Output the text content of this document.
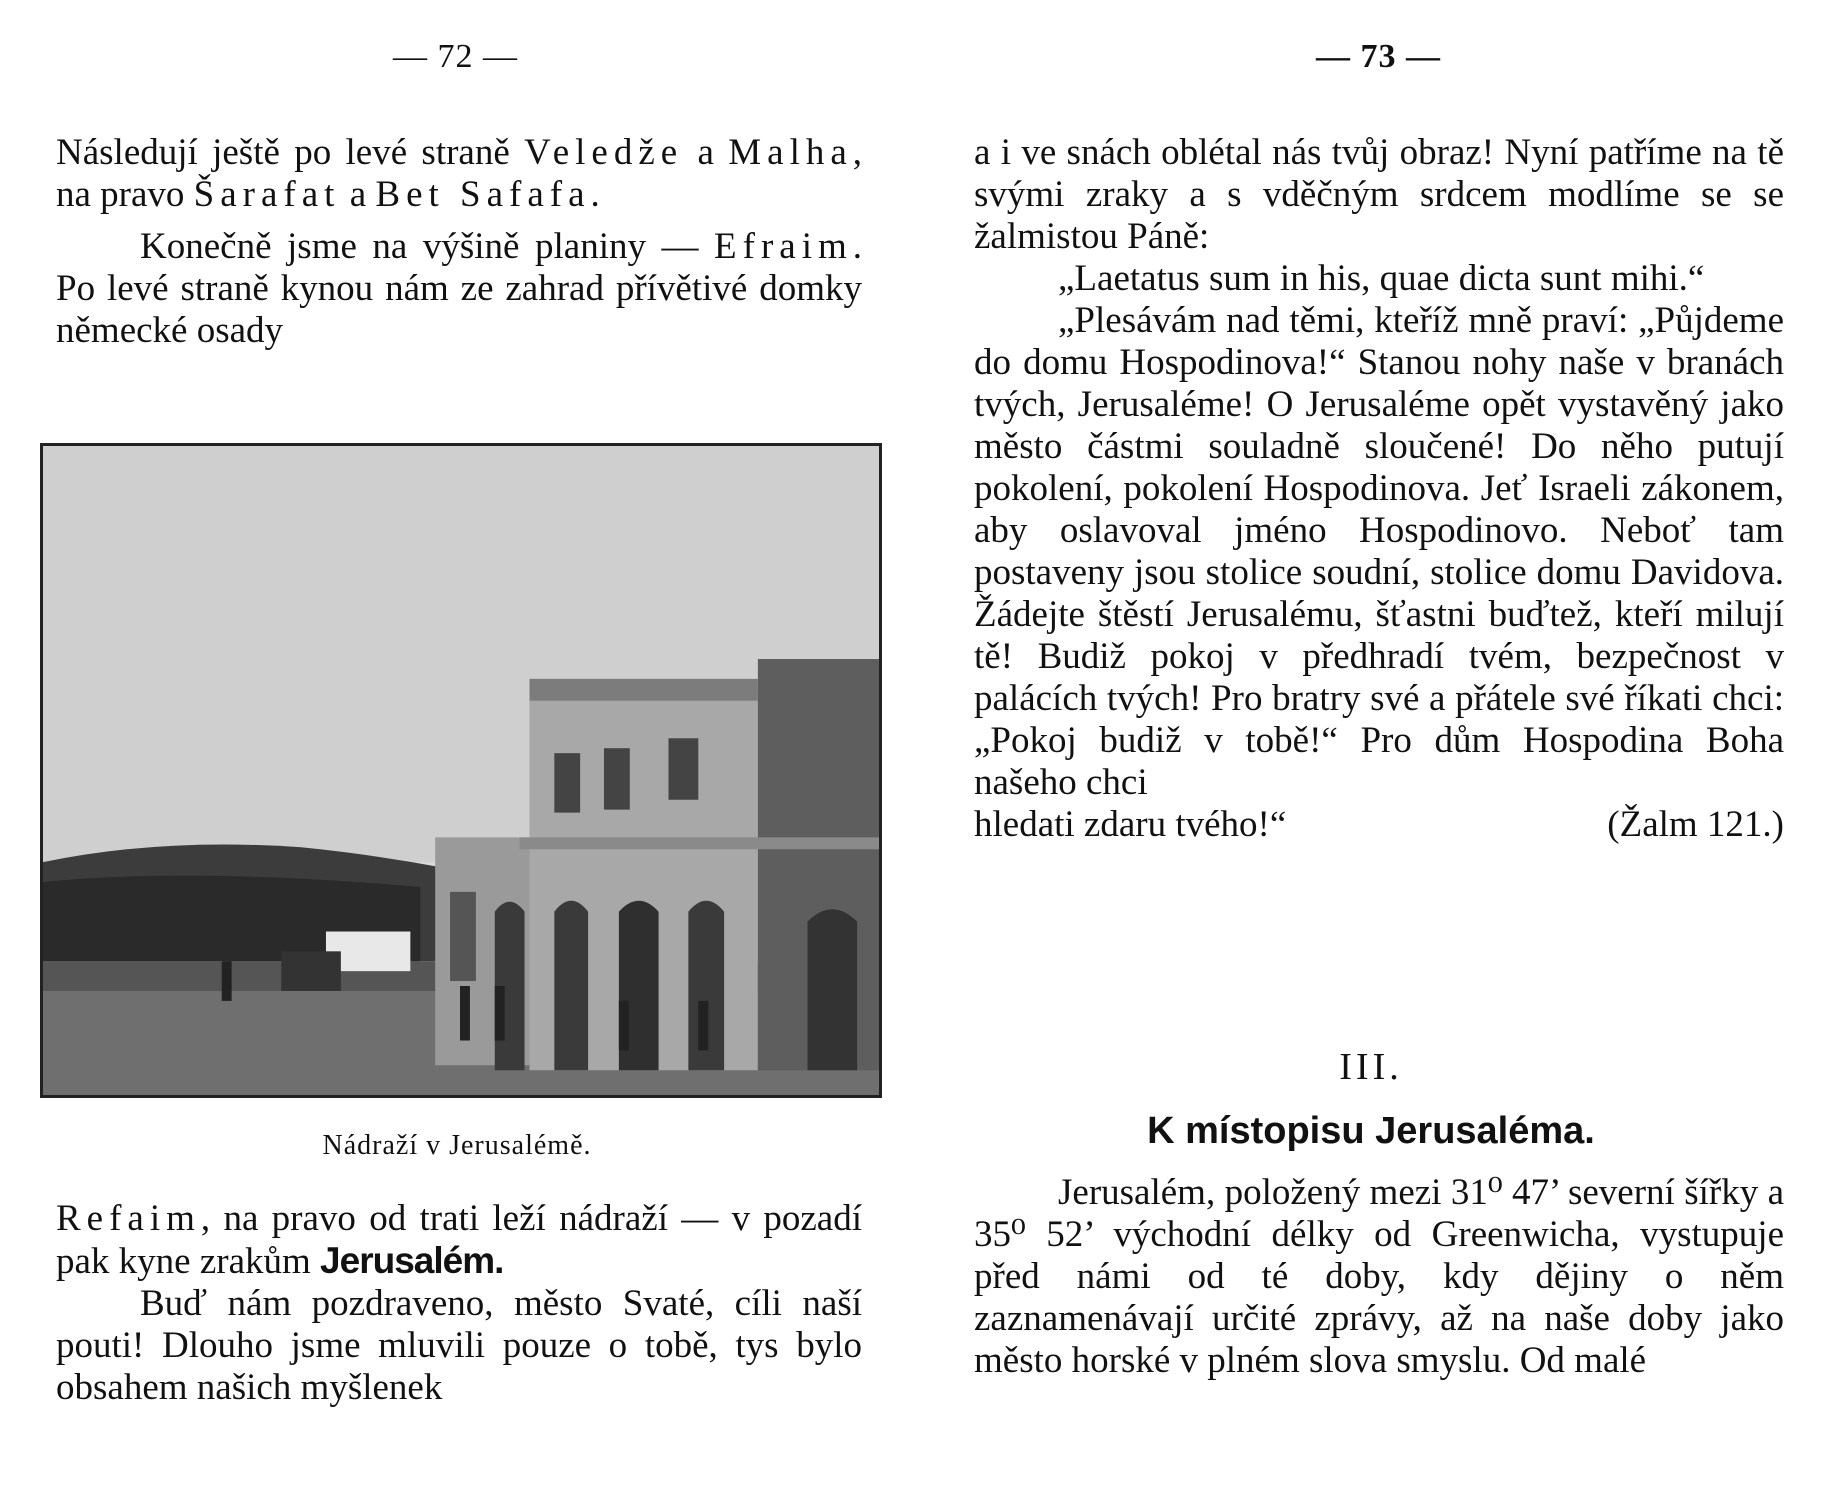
— 72 —

Následují ještě po levé straně Veledže a Malha, na pravo Šarafat a Bet Safafa.

Konečně jsme na výšině planiny — Efraim. Po levé straně kynou nám ze zahrad přívětivé domky německé osady

Nádraží v Jerusalémě.

Refaim, na pravo od trati leží nádraží — v pozadí pak kyne zrakům Jerusalém.

Buď nám pozdraveno, město Svaté, cíli naší pouti! Dlouho jsme mluvili pouze o tobě, tys bylo obsahem našich myšlenek

— 73 —

a i ve snách oblétal nás tvůj obraz! Nyní patříme na tě svými zraky a s vděčným srdcem modlíme se se žalmistou Páně:

„Laetatus sum in his, quae dicta sunt mihi.“

„Plesávám nad těmi, kteříž mně praví: „Půjdeme do domu Hospodinova!“ Stanou nohy naše v branách tvých, Jerusaléme! O Jerusaléme opět vystavěný jako město částmi souladně sloučené! Do něho putují pokolení, pokolení Hospodinova. Jeť Israeli zákonem, aby oslavoval jméno Hospodinovo. Neboť tam postaveny jsou stolice soudní, stolice domu Davidova. Žádejte štěstí Jerusalému, šťastni buďtež, kteří milují tě! Budiž pokoj v předhradí tvém, bezpečnost v palácích tvých! Pro bratry své a přátele své říkati chci: „Pokoj budiž v tobě!“ Pro dům Hospodina Boha našeho chci

hledati zdaru tvého!“	(Žalm 121.)

III.
K místopisu Jerusaléma.

Jerusalém, položený mezi 31⁰ 47’ severní šířky a 35⁰ 52’ východní délky od Greenwicha, vystupuje před námi od té doby, kdy dějiny o něm zaznamenávají určité zprávy, až na naše doby jako město horské v plném slova smyslu. Od malé
